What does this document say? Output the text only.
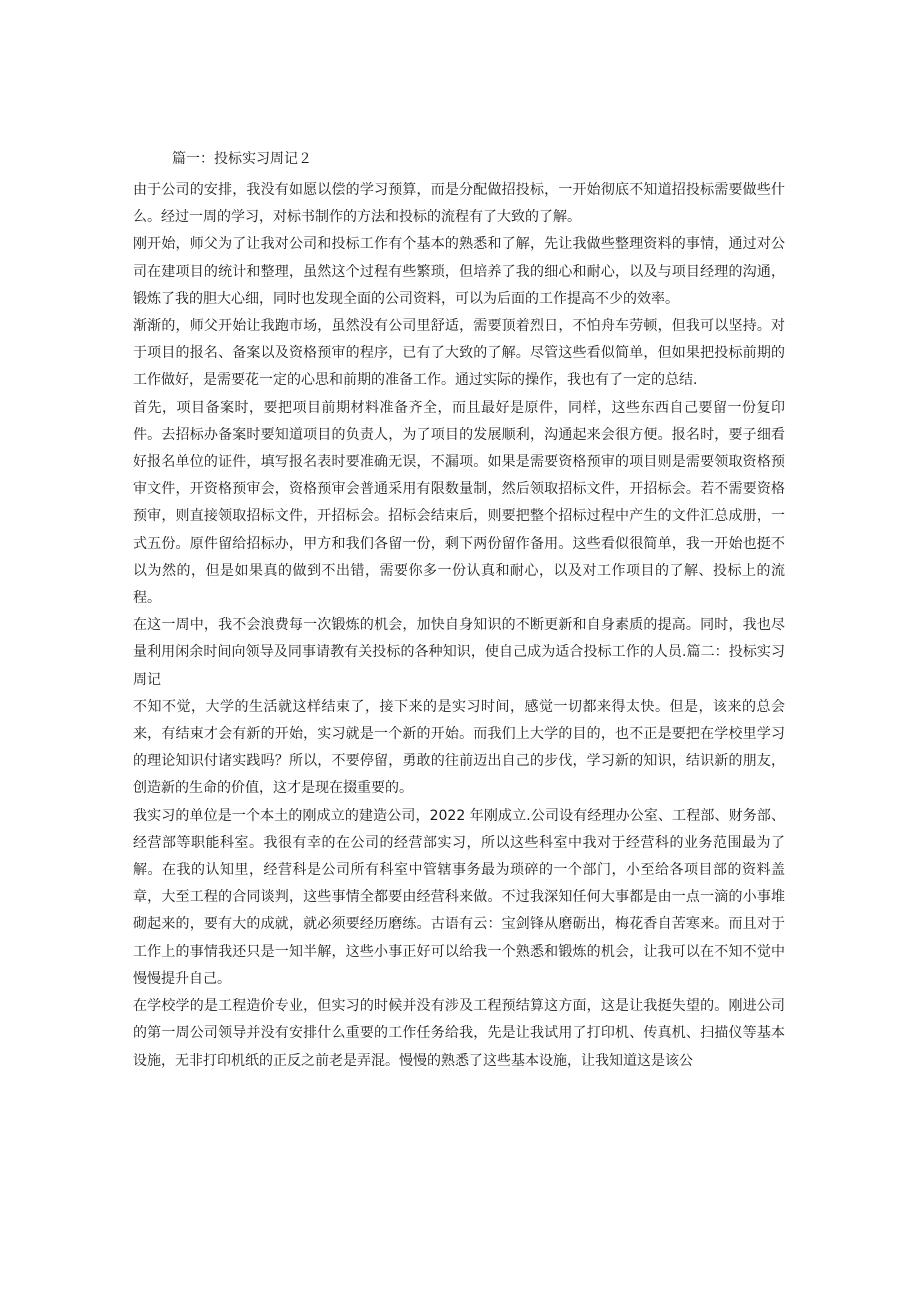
篇一：投标实习周记２

由于公司的安排，我没有如愿以偿的学习预算，而是分配做招投标，一开始彻底不知道招投标需要做些什么。经过一周的学习，对标书制作的方法和投标的流程有了大致的了解。

刚开始，师父为了让我对公司和投标工作有个基本的熟悉和了解，先让我做些整理资料的事情，通过对公司在建项目的统计和整理，虽然这个过程有些繁琐，但培养了我的细心和耐心，以及与项目经理的沟通，锻炼了我的胆大心细，同时也发现全面的公司资料，可以为后面的工作提高不少的效率。

渐渐的，师父开始让我跑市场，虽然没有公司里舒适，需要顶着烈日，不怕舟车劳顿，但我可以坚持。对于项目的报名、备案以及资格预审的程序，已有了大致的了解。尽管这些看似简单，但如果把投标前期的工作做好，是需要花一定的心思和前期的准备工作。通过实际的操作，我也有了一定的总结.

首先，项目备案时，要把项目前期材料准备齐全，而且最好是原件，同样，这些东西自己要留一份复印件。去招标办备案时要知道项目的负责人，为了项目的发展顺利，沟通起来会很方便。报名时，要子细看好报名单位的证件，填写报名表时要准确无误，不漏项。如果是需要资格预审的项目则是需要领取资格预审文件，开资格预审会，资格预审会普通采用有限数量制，然后领取招标文件，开招标会。若不需要资格预审，则直接领取招标文件，开招标会。招标会结束后，则要把整个招标过程中产生的文件汇总成册，一式五份。原件留给招标办，甲方和我们各留一份，剩下两份留作备用。这些看似很简单，我一开始也挺不以为然的，但是如果真的做到不出错，需要你多一份认真和耐心，以及对工作项目的了解、投标上的流程。

在这一周中，我不会浪费每一次锻炼的机会，加快自身知识的不断更新和自身素质的提高。同时，我也尽量利用闲余时间向领导及同事请教有关投标的各种知识，使自己成为适合投标工作的人员.篇二：投标实习周记

不知不觉，大学的生活就这样结束了，接下来的是实习时间，感觉一切都来得太快。但是，该来的总会来，有结束才会有新的开始，实习就是一个新的开始。而我们上大学的目的，也不正是要把在学校里学习的理论知识付诸实践吗？所以，不要停留，勇敢的往前迈出自己的步伐，学习新的知识，结识新的朋友，创造新的生命的价值，这才是现在掇重要的。

我实习的单位是一个本土的刚成立的建造公司，2022 年刚成立.公司设有经理办公室、工程部、财务部、经营部等职能科室。我很有幸的在公司的经营部实习，所以这些科室中我对于经营科的业务范围最为了解。在我的认知里，经营科是公司所有科室中管辖事务最为琐碎的一个部门，小至给各项目部的资料盖章，大至工程的合同谈判，这些事情全都要由经营科来做。不过我深知任何大事都是由一点一滴的小事堆砌起来的，要有大的成就，就必须要经历磨练。古语有云：宝剑锋从磨砺出，梅花香自苦寒来。而且对于工作上的事情我还只是一知半解，这些小事正好可以给我一个熟悉和锻炼的机会，让我可以在不知不觉中慢慢提升自己。

在学校学的是工程造价专业，但实习的时候并没有涉及工程预结算这方面，这是让我挺失望的。刚进公司的第一周公司领导并没有安排什么重要的工作任务给我，先是让我试用了打印机、传真机、扫描仪等基本设施，无非打印机纸的正反之前老是弄混。慢慢的熟悉了这些基本设施，让我知道这是该公
